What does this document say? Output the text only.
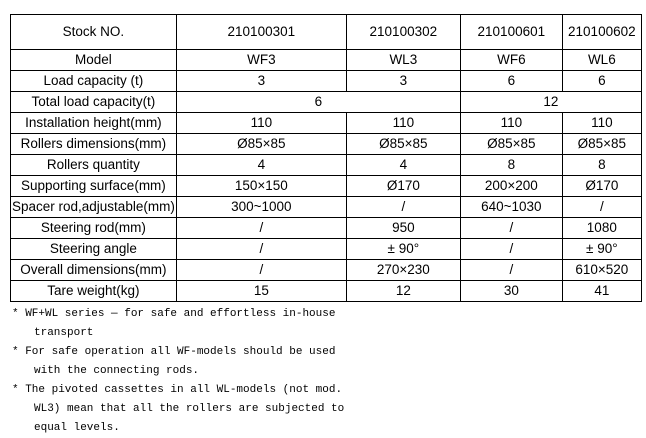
Stock NO.	210100301	210100302	210100601	210100602
Model	WF3	WL3	WF6	WL6
Load capacity (t)	3	3	6	6
Total load capacity(t)	6		12	
Installation height(mm)	110	110	110	110
Rollers dimensions(mm)	Ø85×85	Ø85×85	Ø85×85	Ø85×85
Rollers quantity	4	4	8	8
Supporting surface(mm)	150×150	Ø170	200×200	Ø170
Spacer rod,adjustable(mm)	300~1000	/	640~1030	/
Steering rod(mm)	/	950	/	1080
Steering angle	/	± 90°	/	± 90°
Overall dimensions(mm)	/	270×230	/	610×520
Tare weight(kg)	15	12	30	41
* WF+WL series — for safe and effortless in-house
transport
* For safe operation all WF-models should be used
with the connecting rods.
* The pivoted cassettes in all WL-models (not mod.
WL3) mean that all the rollers are subjected to
equal levels.
